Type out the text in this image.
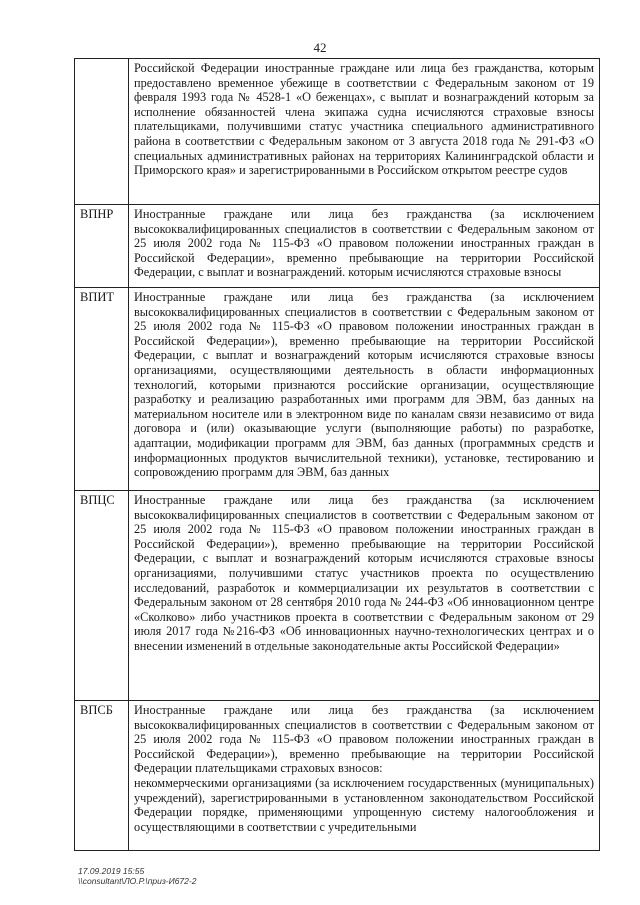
42

	Российской Федерации иностранные граждане или лица без гражданства, которым предоставлено временное убежище в соответствии с Федеральным законом от 19 февраля 1993 года № 4528-1 «О беженцах», с выплат и вознаграждений которым за исполнение обязанностей члена экипажа судна исчисляются страховые взносы плательщиками, получившими статус участника специального административного района в соответствии с Федеральным законом от 3 августа 2018 года № 291-ФЗ «О специальных административных районах на территориях Калининградской области и Приморского края» и зарегистрированными в Российском открытом реестре судов

ВПНР	Иностранные граждане или лица без гражданства (за исключением высококвалифицированных специалистов в соответствии с Федеральным законом от 25 июля 2002 года № 115-ФЗ «О правовом положении иностранных граждан в Российской Федерации», временно пребывающие на территории Российской Федерации, с выплат и вознаграждений. которым исчисляются страховые взносы

ВПИТ	Иностранные граждане или лица без гражданства (за исключением высококвалифицированных специалистов в соответствии с Федеральным законом от 25 июля 2002 года № 115-ФЗ «О правовом положении иностранных граждан в Российской Федерации»), временно пребывающие на территории Российской Федерации, с выплат и вознаграждений которым исчисляются страховые взносы организациями, осуществляющими деятельность в области информационных технологий, которыми признаются российские организации, осуществляющие разработку и реализацию разработанных ими программ для ЭВМ, баз данных на материальном носителе или в электронном виде по каналам связи независимо от вида договора и (или) оказывающие услуги (выполняющие работы) по разработке, адаптации, модификации программ для ЭВМ, баз данных (программных средств и информационных продуктов вычислительной техники), установке, тестированию и сопровождению программ для ЭВМ, баз данных

ВПЦС	Иностранные граждане или лица без гражданства (за исключением высококвалифицированных специалистов в соответствии с Федеральным законом от 25 июля 2002 года № 115-ФЗ «О правовом положении иностранных граждан в Российской Федерации»), временно пребывающие на территории Российской Федерации, с выплат и вознаграждений которым исчисляются страховые взносы организациями, получившими статус участников проекта по осуществлению исследований, разработок и коммерциализации их результатов в соответствии с Федеральным законом от 28 сентября 2010 года № 244-ФЗ «Об инновационном центре «Сколково» либо участников проекта в соответствии с Федеральным законом от 29 июля 2017 года №216-ФЗ «Об инновационных научно-технологических центрах и о внесении изменений в отдельные законодательные акты Российской Федерации»

ВПСБ	Иностранные граждане или лица без гражданства (за исключением высококвалифицированных специалистов в соответствии с Федеральным законом от 25 июля 2002 года № 115-ФЗ «О правовом положении иностранных граждан в Российской Федерации»), временно пребывающие на территории Российской Федерации плательщиками страховых взносов:
некоммерческими организациями (за исключением государственных (муниципальных) учреждений), зарегистрированными в установленном законодательством Российской Федерации порядке, применяющими упрощенную систему налогообложения и осуществляющими в соответствии с учредительными
17.09.2019 15:55
\\consultant\ЛО.Р.\приз-И672-2
